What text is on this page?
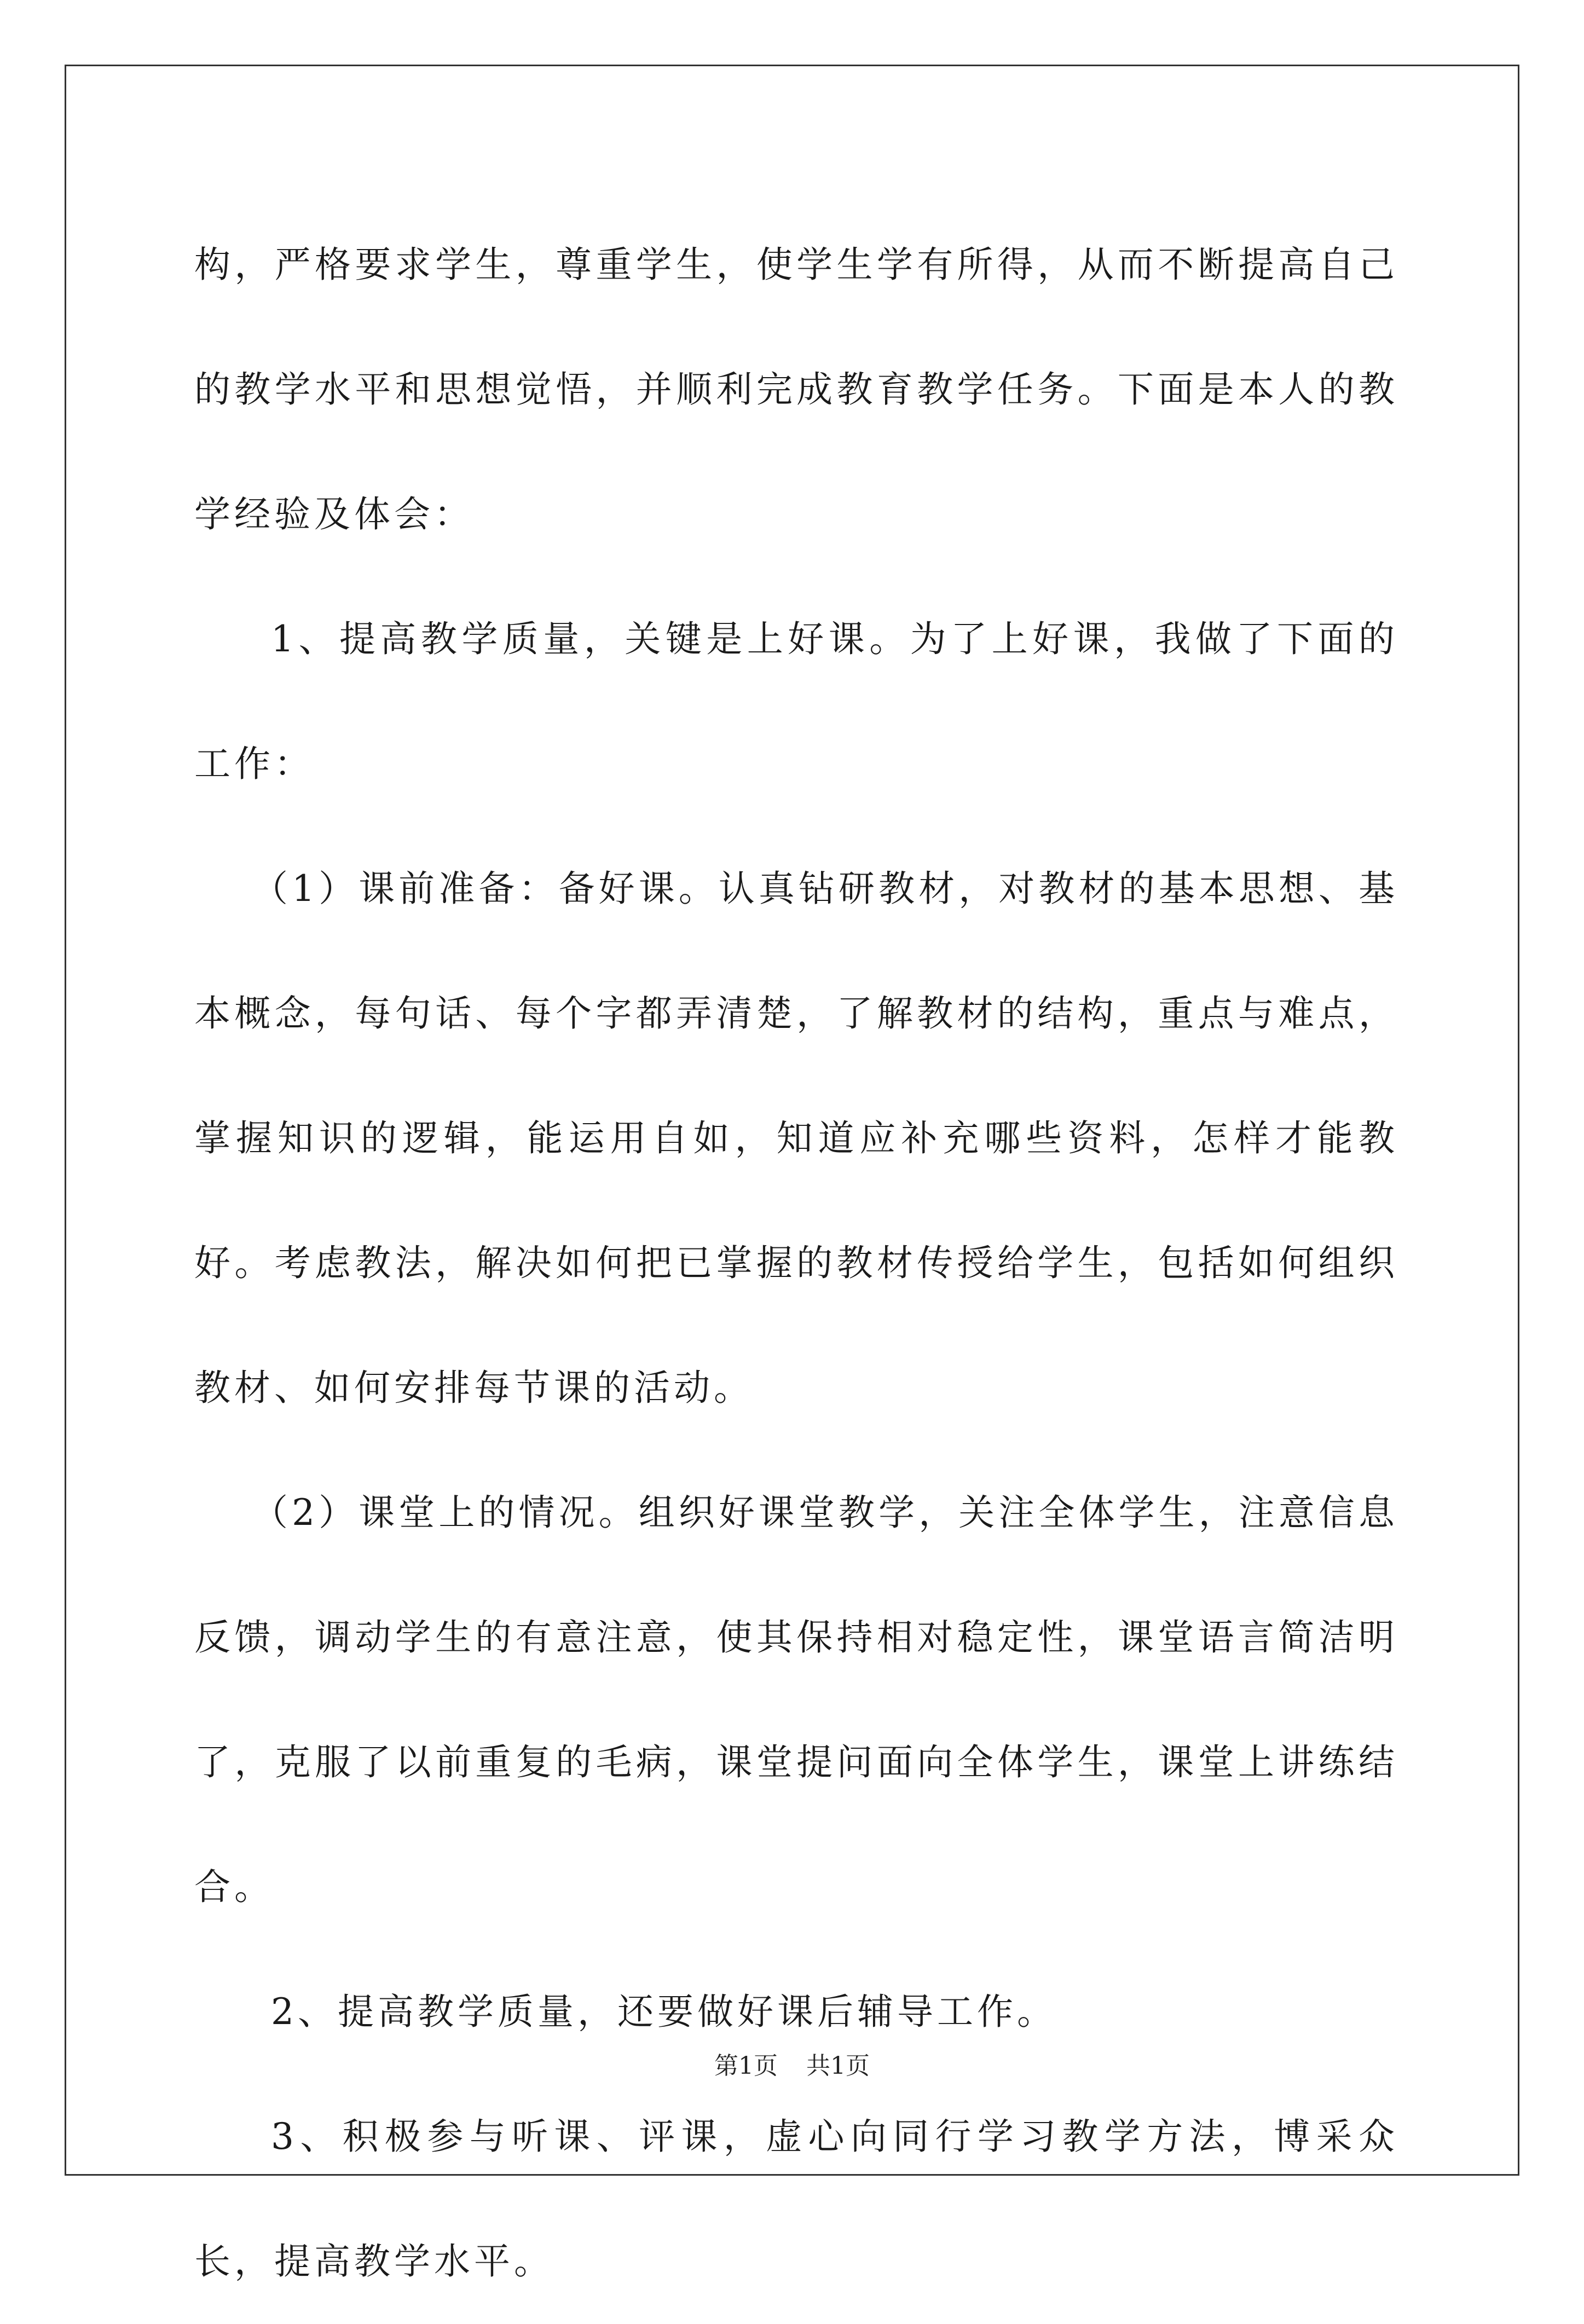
构，严格要求学生，尊重学生，使学生学有所得，从而不断提高自己的教学水平和思想觉悟，并顺利完成教育教学任务。下面是本人的教学经验及体会：

1、提高教学质量，关键是上好课。为了上好课，我做了下面的工作：

（1）课前准备：备好课。认真钻研教材，对教材的基本思想、基本概念，每句话、每个字都弄清楚，了解教材的结构，重点与难点，掌握知识的逻辑，能运用自如，知道应补充哪些资料，怎样才能教好。考虑教法，解决如何把已掌握的教材传授给学生，包括如何组织教材、如何安排每节课的活动。

（2）课堂上的情况。组织好课堂教学，关注全体学生，注意信息反馈，调动学生的有意注意，使其保持相对稳定性，课堂语言简洁明了，克服了以前重复的毛病，课堂提问面向全体学生，课堂上讲练结合。

2、提高教学质量，还要做好课后辅导工作。

3、积极参与听课、评课，虚心向同行学习教学方法，博采众长，提高教学水平。

第1页 共1页
